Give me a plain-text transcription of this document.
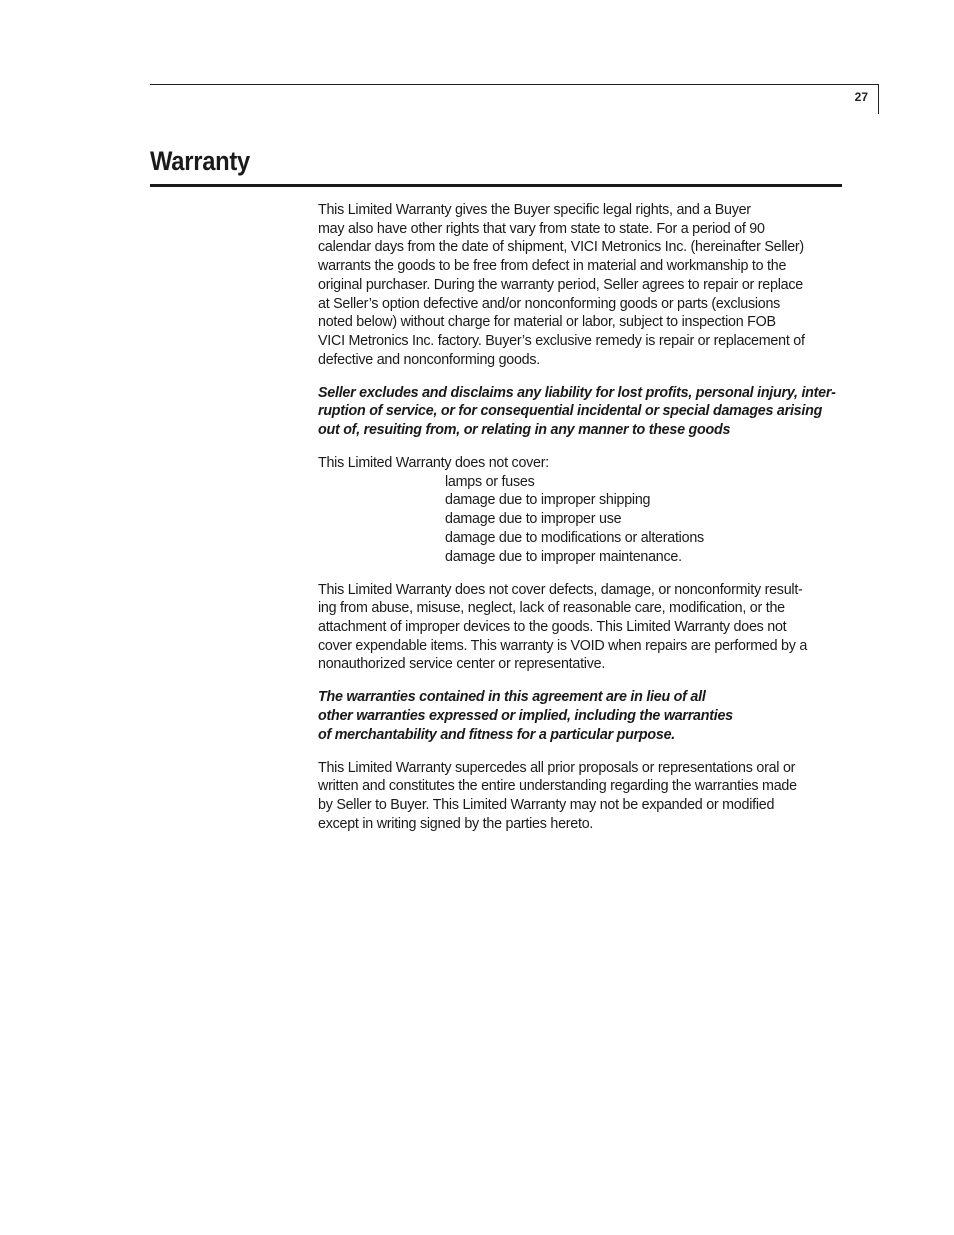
27
Warranty

This Limited Warranty gives the Buyer specific legal rights, and a Buyer
may also have other rights that vary from state to state. For a period of 90
calendar days from the date of shipment, VICI Metronics Inc. (hereinafter Seller)
warrants the goods to be free from defect in material and workmanship to the
original purchaser. During the warranty period, Seller agrees to repair or replace
at Seller’s option defective and/or nonconforming goods or parts (exclusions
noted below) without charge for material or labor, subject to inspection FOB
VICI Metronics Inc. factory. Buyer’s exclusive remedy is repair or replacement of
defective and nonconforming goods.

Seller excludes and disclaims any liability for lost profits, personal injury, inter-
ruption of service, or for consequential incidental or special damages arising
out of, resuiting from, or relating in any manner to these goods

This Limited Warranty does not cover:
lamps or fuses
damage due to improper shipping
damage due to improper use
damage due to modifications or alterations
damage due to improper maintenance.

This Limited Warranty does not cover defects, damage, or nonconformity result-
ing from abuse, misuse, neglect, lack of reasonable care, modification, or the
attachment of improper devices to the goods. This Limited Warranty does not
cover expendable items. This warranty is VOID when repairs are performed by a
nonauthorized service center or representative.

The warranties contained in this agreement are in lieu of all
other warranties expressed or implied, including the warranties
of merchantability and fitness for a particular purpose.

This Limited Warranty supercedes all prior proposals or representations oral or
written and constitutes the entire understanding regarding the warranties made
by Seller to Buyer. This Limited Warranty may not be expanded or modified
except in writing signed by the parties hereto.
